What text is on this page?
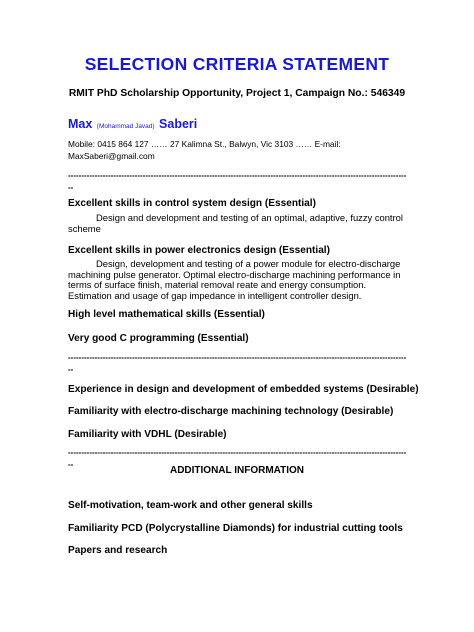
SELECTION CRITERIA STATEMENT
RMIT PhD Scholarship Opportunity, Project 1, Campaign No.: 546349
Max (Mohammad Javad) Saberi
Mobile: 0415 864 127 …… 27 Kalimna St., Balwyn, Vic 3103 …… E-mail:
MaxSaberi@gmail.com
---------------------------------------------------------------------------------------------------------------------------------
Excellent skills in control system design (Essential)
Design and development and testing of an optimal, adaptive, fuzzy control scheme
Excellent skills in power electronics design (Essential)
Design, development and testing of a power module for electro-discharge machining pulse generator. Optimal electro-discharge machining performance in terms of surface finish, material removal reate and energy consumption. Estimation and usage of gap impedance in intelligent controller design.
High level mathematical skills (Essential)
Very good C programming (Essential)
---------------------------------------------------------------------------------------------------------------------------------
Experience in design and development of embedded systems (Desirable)
Familiarity with electro-discharge machining technology (Desirable)
Familiarity with VDHL (Desirable)
---------------------------------------------------------------------------------------------------------------------------------
ADDITIONAL INFORMATION
Self-motivation, team-work and other general skills
Familiarity PCD (Polycrystalline Diamonds) for industrial cutting tools
Papers and research
